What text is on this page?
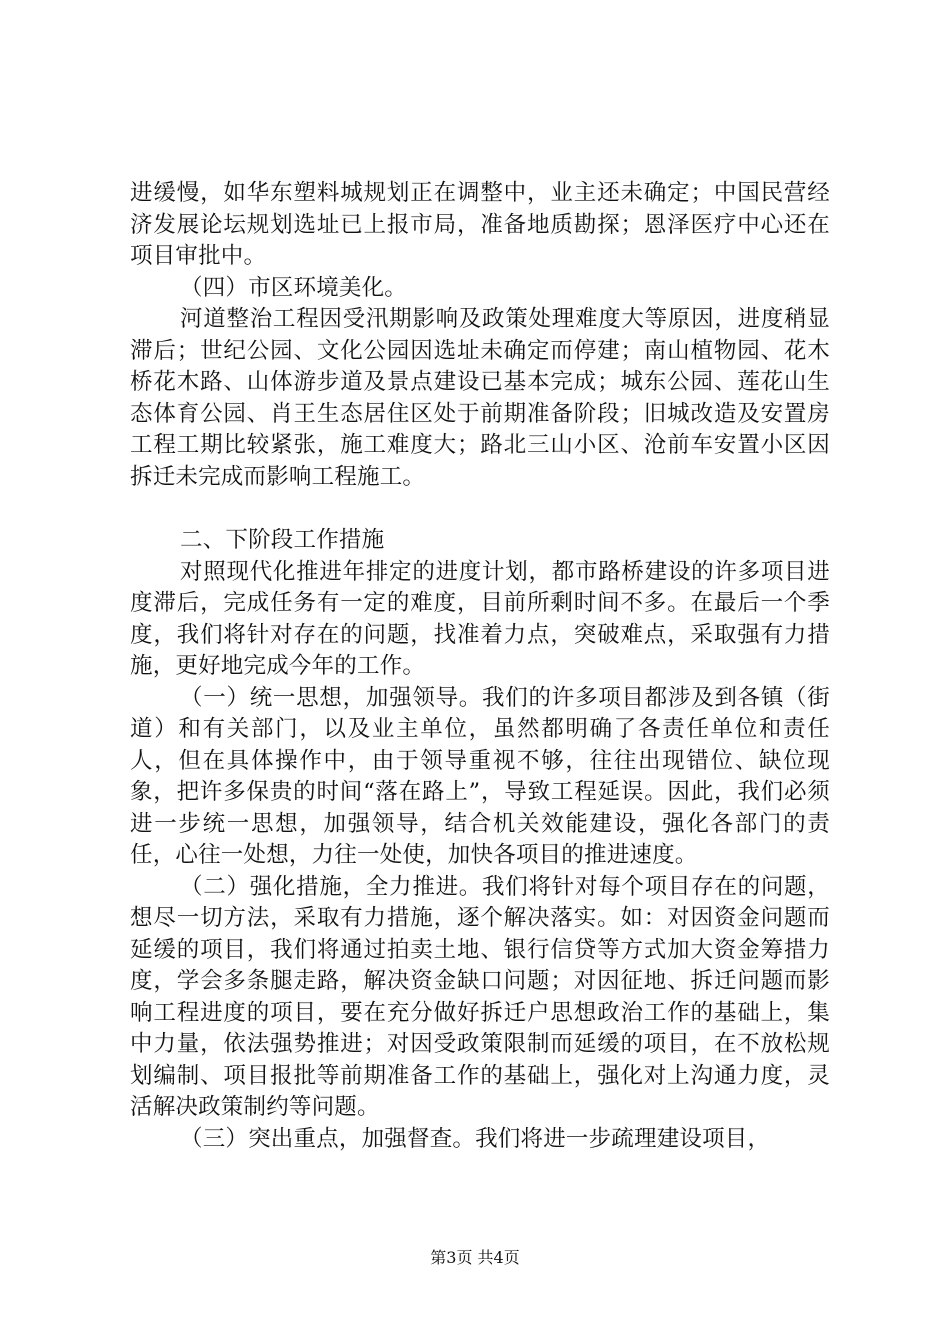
进缓慢，如华东塑料城规划正在调整中，业主还未确定；中国民营经济发展论坛规划选址已上报市局，准备地质勘探；恩泽医疗中心还在项目审批中。

（四）市区环境美化。

河道整治工程因受汛期影响及政策处理难度大等原因，进度稍显滞后；世纪公园、文化公园因选址未确定而停建；南山植物园、花木桥花木路、山体游步道及景点建设已基本完成；城东公园、莲花山生态体育公园、肖王生态居住区处于前期准备阶段；旧城改造及安置房工程工期比较紧张，施工难度大；路北三山小区、沧前车安置小区因拆迁未完成而影响工程施工。

二、下阶段工作措施

对照现代化推进年排定的进度计划，都市路桥建设的许多项目进度滞后，完成任务有一定的难度，目前所剩时间不多。在最后一个季度，我们将针对存在的问题，找准着力点，突破难点，采取强有力措施，更好地完成今年的工作。

（一）统一思想，加强领导。我们的许多项目都涉及到各镇（街道）和有关部门，以及业主单位，虽然都明确了各责任单位和责任人，但在具体操作中，由于领导重视不够，往往出现错位、缺位现象，把许多保贵的时间“落在路上”，导致工程延误。因此，我们必须进一步统一思想，加强领导，结合机关效能建设，强化各部门的责任，心往一处想，力往一处使，加快各项目的推进速度。

（二）强化措施，全力推进。我们将针对每个项目存在的问题，想尽一切方法，采取有力措施，逐个解决落实。如：对因资金问题而延缓的项目，我们将通过拍卖土地、银行信贷等方式加大资金筹措力度，学会多条腿走路，解决资金缺口问题；对因征地、拆迁问题而影响工程进度的项目，要在充分做好拆迁户思想政治工作的基础上，集中力量，依法强势推进；对因受政策限制而延缓的项目，在不放松规划编制、项目报批等前期准备工作的基础上，强化对上沟通力度，灵活解决政策制约等问题。

（三）突出重点，加强督查。我们将进一步疏理建设项目，

第3页 共4页
